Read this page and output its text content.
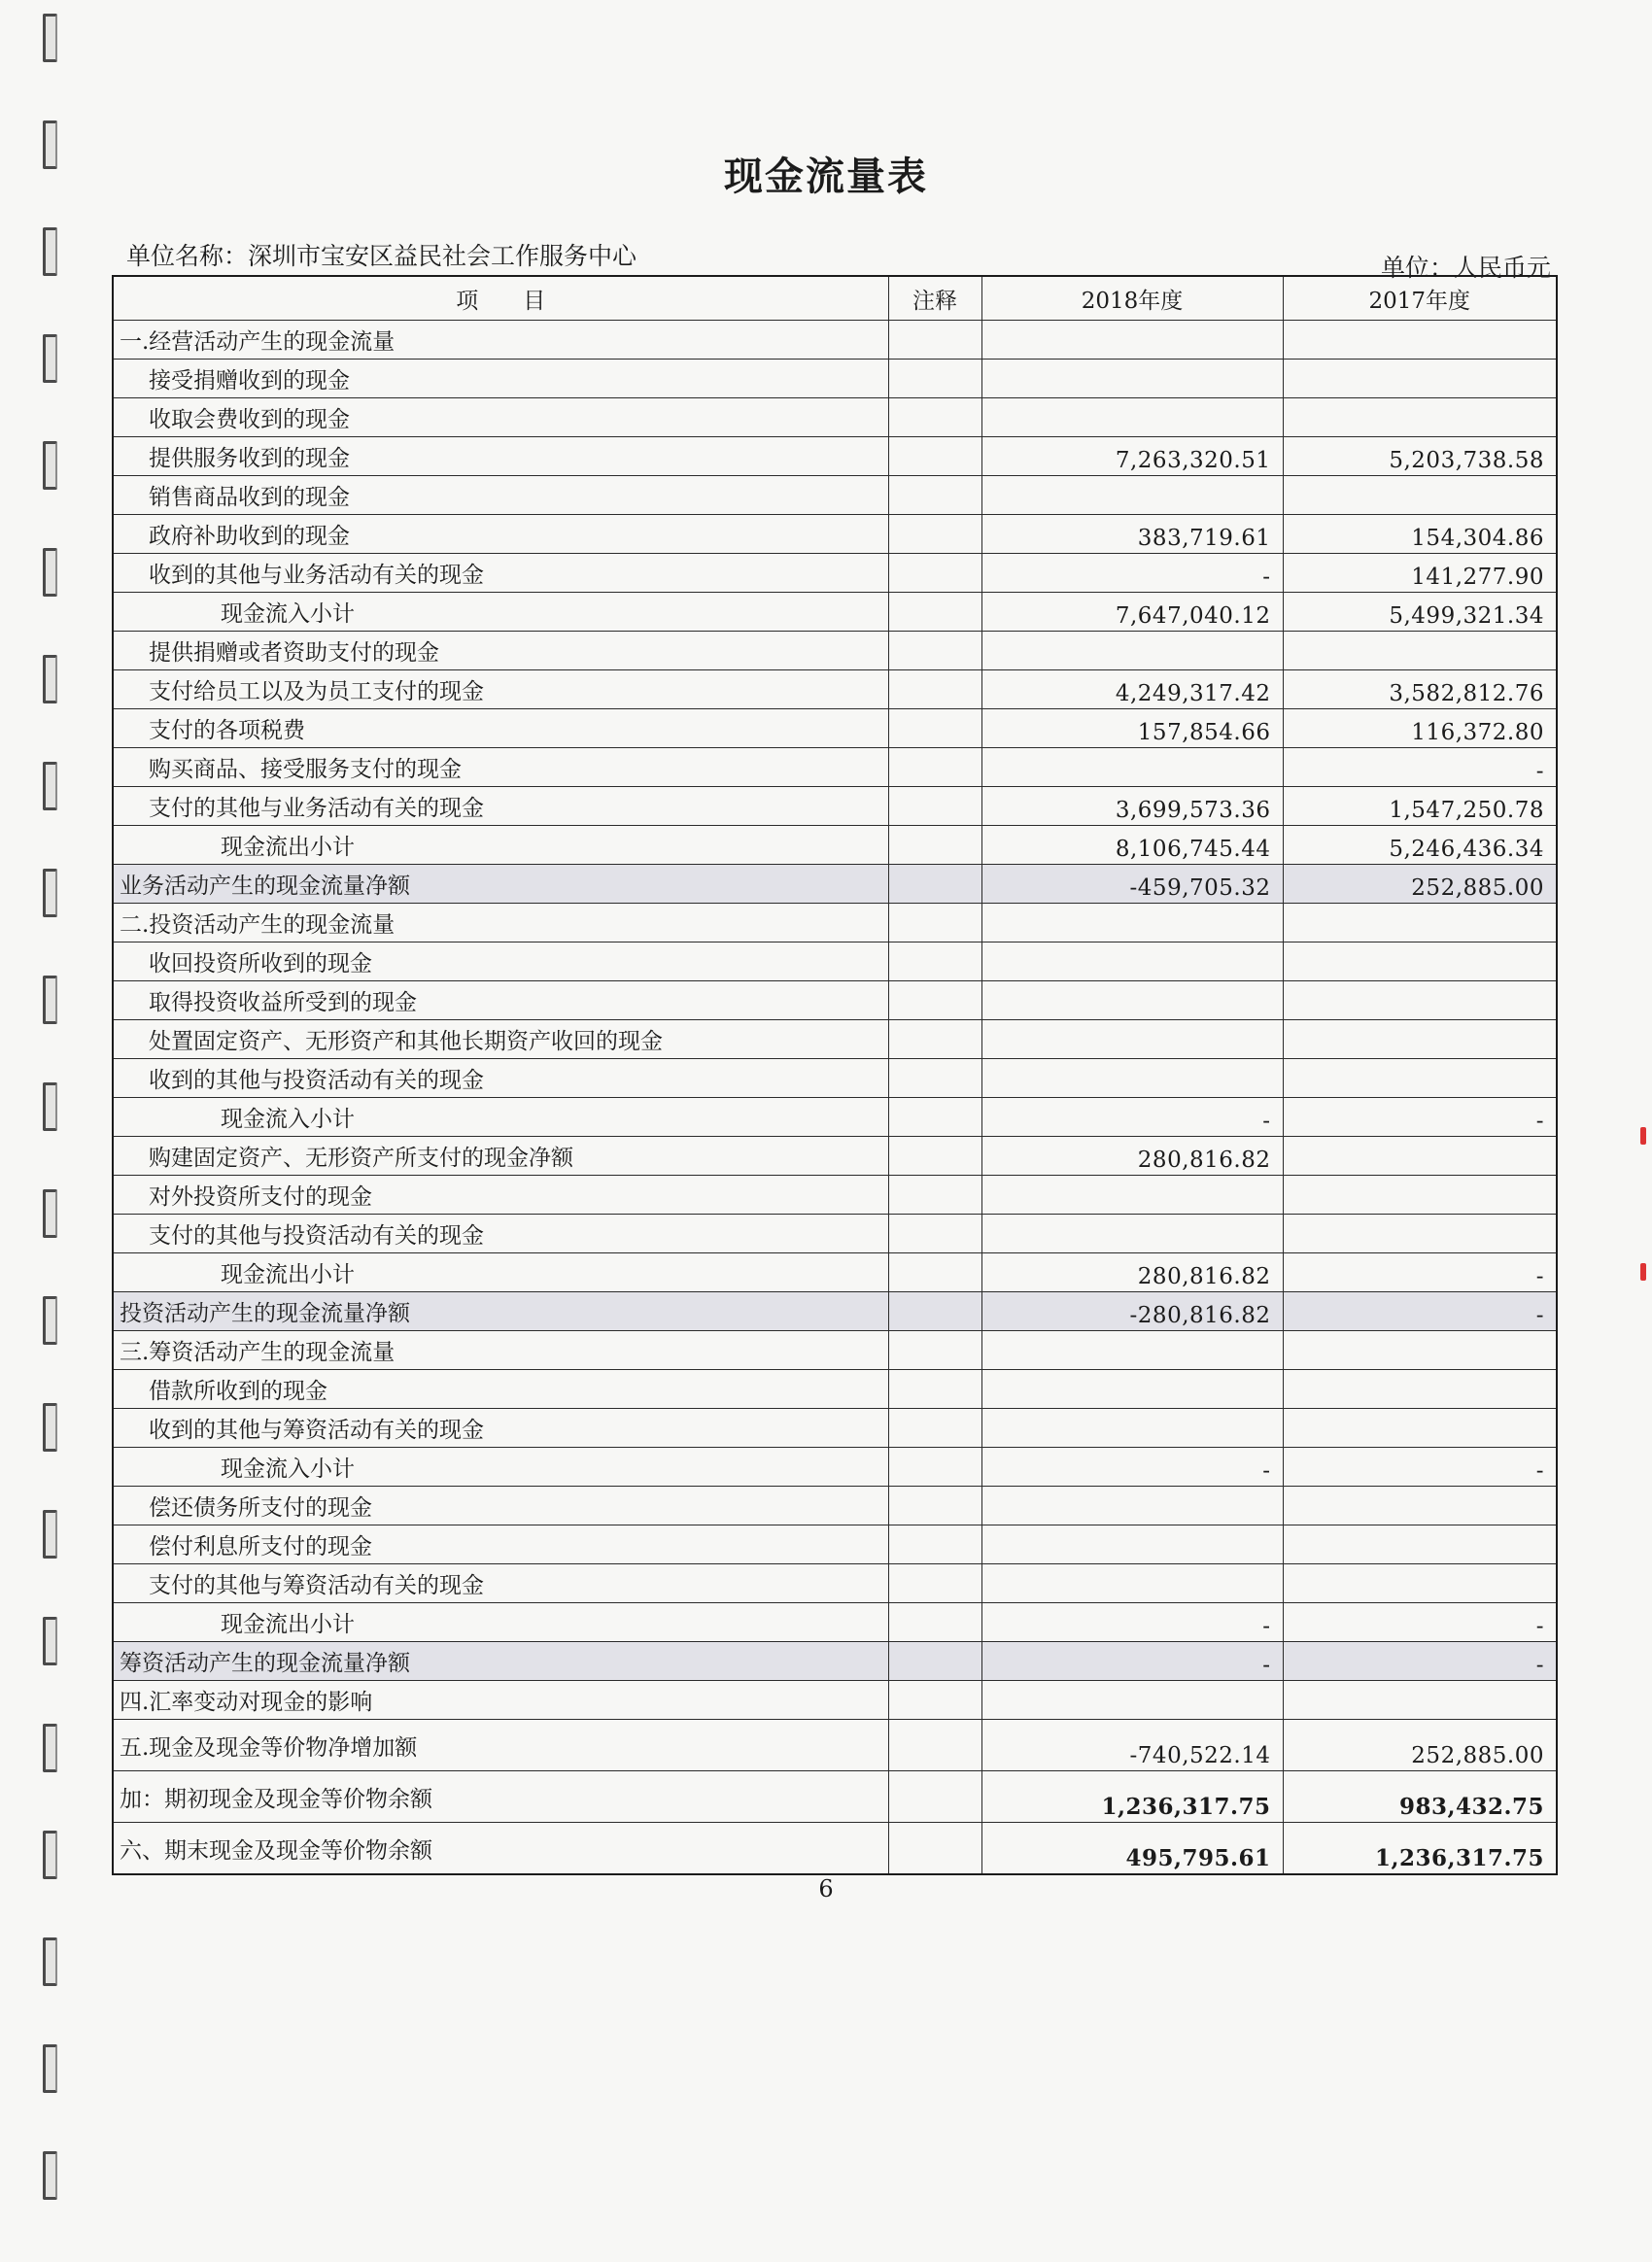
现金流量表
单位名称：深圳市宝安区益民社会工作服务中心	单位：人民币元
项　　目	注释	2018年度	2017年度
一.经营活动产生的现金流量			
接受捐赠收到的现金			
收取会费收到的现金			
提供服务收到的现金		7,263,320.51	5,203,738.58
销售商品收到的现金			
政府补助收到的现金		383,719.61	154,304.86
收到的其他与业务活动有关的现金		-	141,277.90
现金流入小计		7,647,040.12	5,499,321.34
提供捐赠或者资助支付的现金			
支付给员工以及为员工支付的现金		4,249,317.42	3,582,812.76
支付的各项税费		157,854.66	116,372.80
购买商品、接受服务支付的现金			-
支付的其他与业务活动有关的现金		3,699,573.36	1,547,250.78
现金流出小计		8,106,745.44	5,246,436.34
业务活动产生的现金流量净额		-459,705.32	252,885.00
二.投资活动产生的现金流量			
收回投资所收到的现金			
取得投资收益所受到的现金			
处置固定资产、无形资产和其他长期资产收回的现金			
收到的其他与投资活动有关的现金			
现金流入小计		-	-
购建固定资产、无形资产所支付的现金净额		280,816.82	
对外投资所支付的现金			
支付的其他与投资活动有关的现金			
现金流出小计		280,816.82	-
投资活动产生的现金流量净额		-280,816.82	-
三.筹资活动产生的现金流量			
借款所收到的现金			
收到的其他与筹资活动有关的现金			
现金流入小计		-	-
偿还债务所支付的现金			
偿付利息所支付的现金			
支付的其他与筹资活动有关的现金			
现金流出小计		-	-
筹资活动产生的现金流量净额		-	-
四.汇率变动对现金的影响			
五.现金及现金等价物净增加额		-740,522.14	252,885.00
加：期初现金及现金等价物余额		1,236,317.75	983,432.75
六、期末现金及现金等价物余额		495,795.61	1,236,317.75
6
